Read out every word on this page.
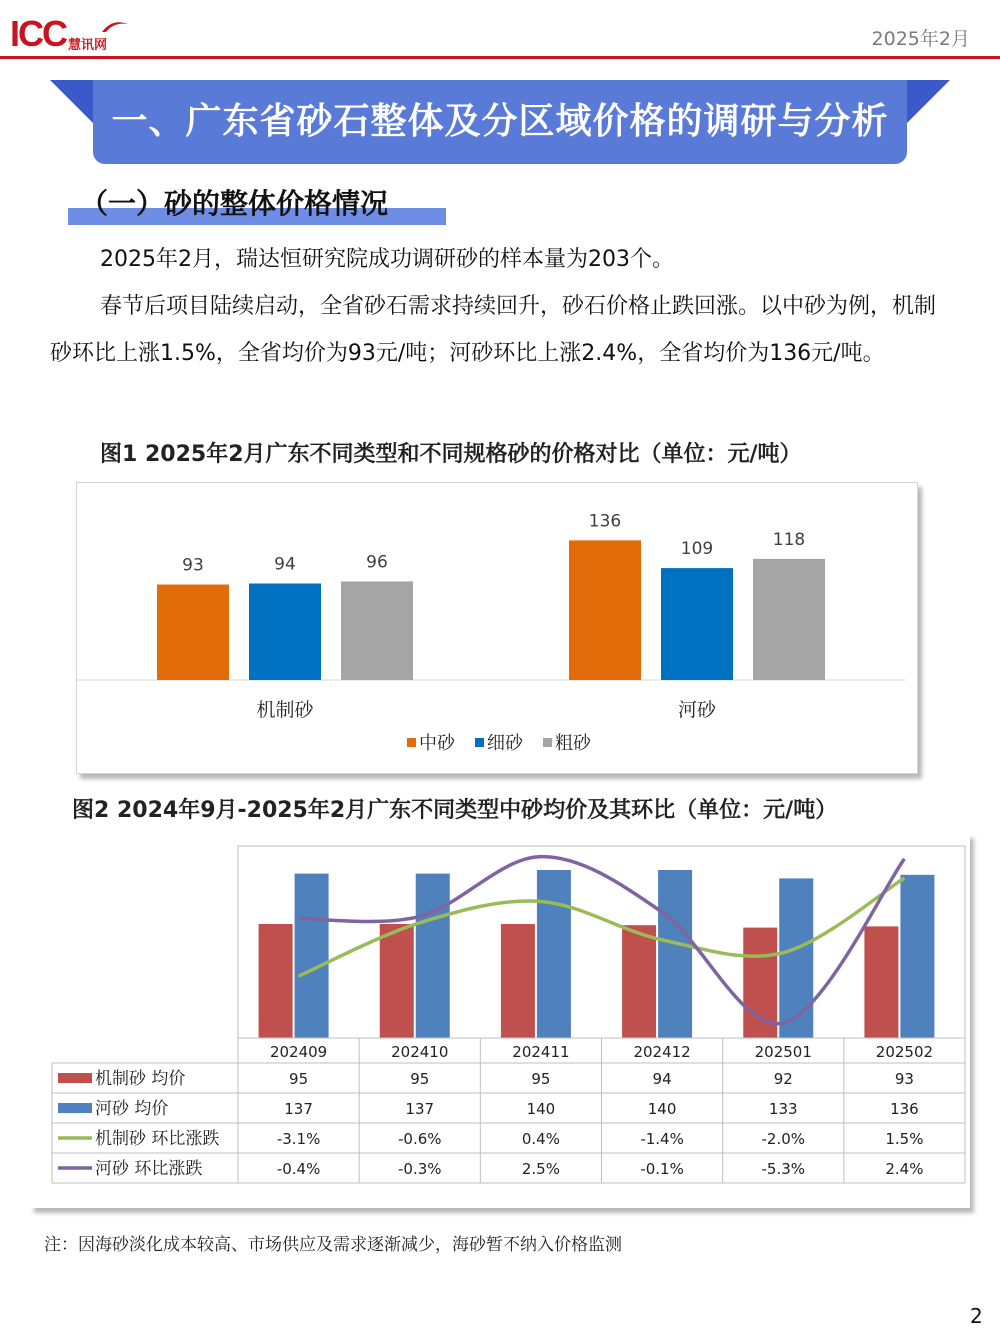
ICC 慧讯网	2025年2月
一、广东省砂石整体及分区域价格的调研与分析
（一）砂的整体价格情况
2025年2月，瑞达恒研究院成功调研砂的样本量为203个。
春节后项目陆续启动，全省砂石需求持续回升，砂石价格止跌回涨。以中砂为例，机制砂环比上涨1.5%，全省均价为93元/吨；河砂环比上涨2.4%，全省均价为136元/吨。
图1 2025年2月广东不同类型和不同规格砂的价格对比（单位：元/吨）
93	94	96
机制砂
136
109	118
河砂
中砂 细砂 粗砂
图2 2024年9月-2025年2月广东不同类型中砂均价及其环比（单位：元/吨）
202409	202410	202411	202412	202501	202502
机制砂 均价	95	95	95	94	92	93
河砂 均价	137	137	140	140	133	136
机制砂 环比涨跌	-3.1%	-0.6%	0.4%	-1.4%	-2.0%	1.5%
河砂 环比涨跌	-0.4%	-0.3%	2.5%	-0.1%	-5.3%	2.4%
注：因海砂淡化成本较高、市场供应及需求逐渐减少，海砂暂不纳入价格监测
2
